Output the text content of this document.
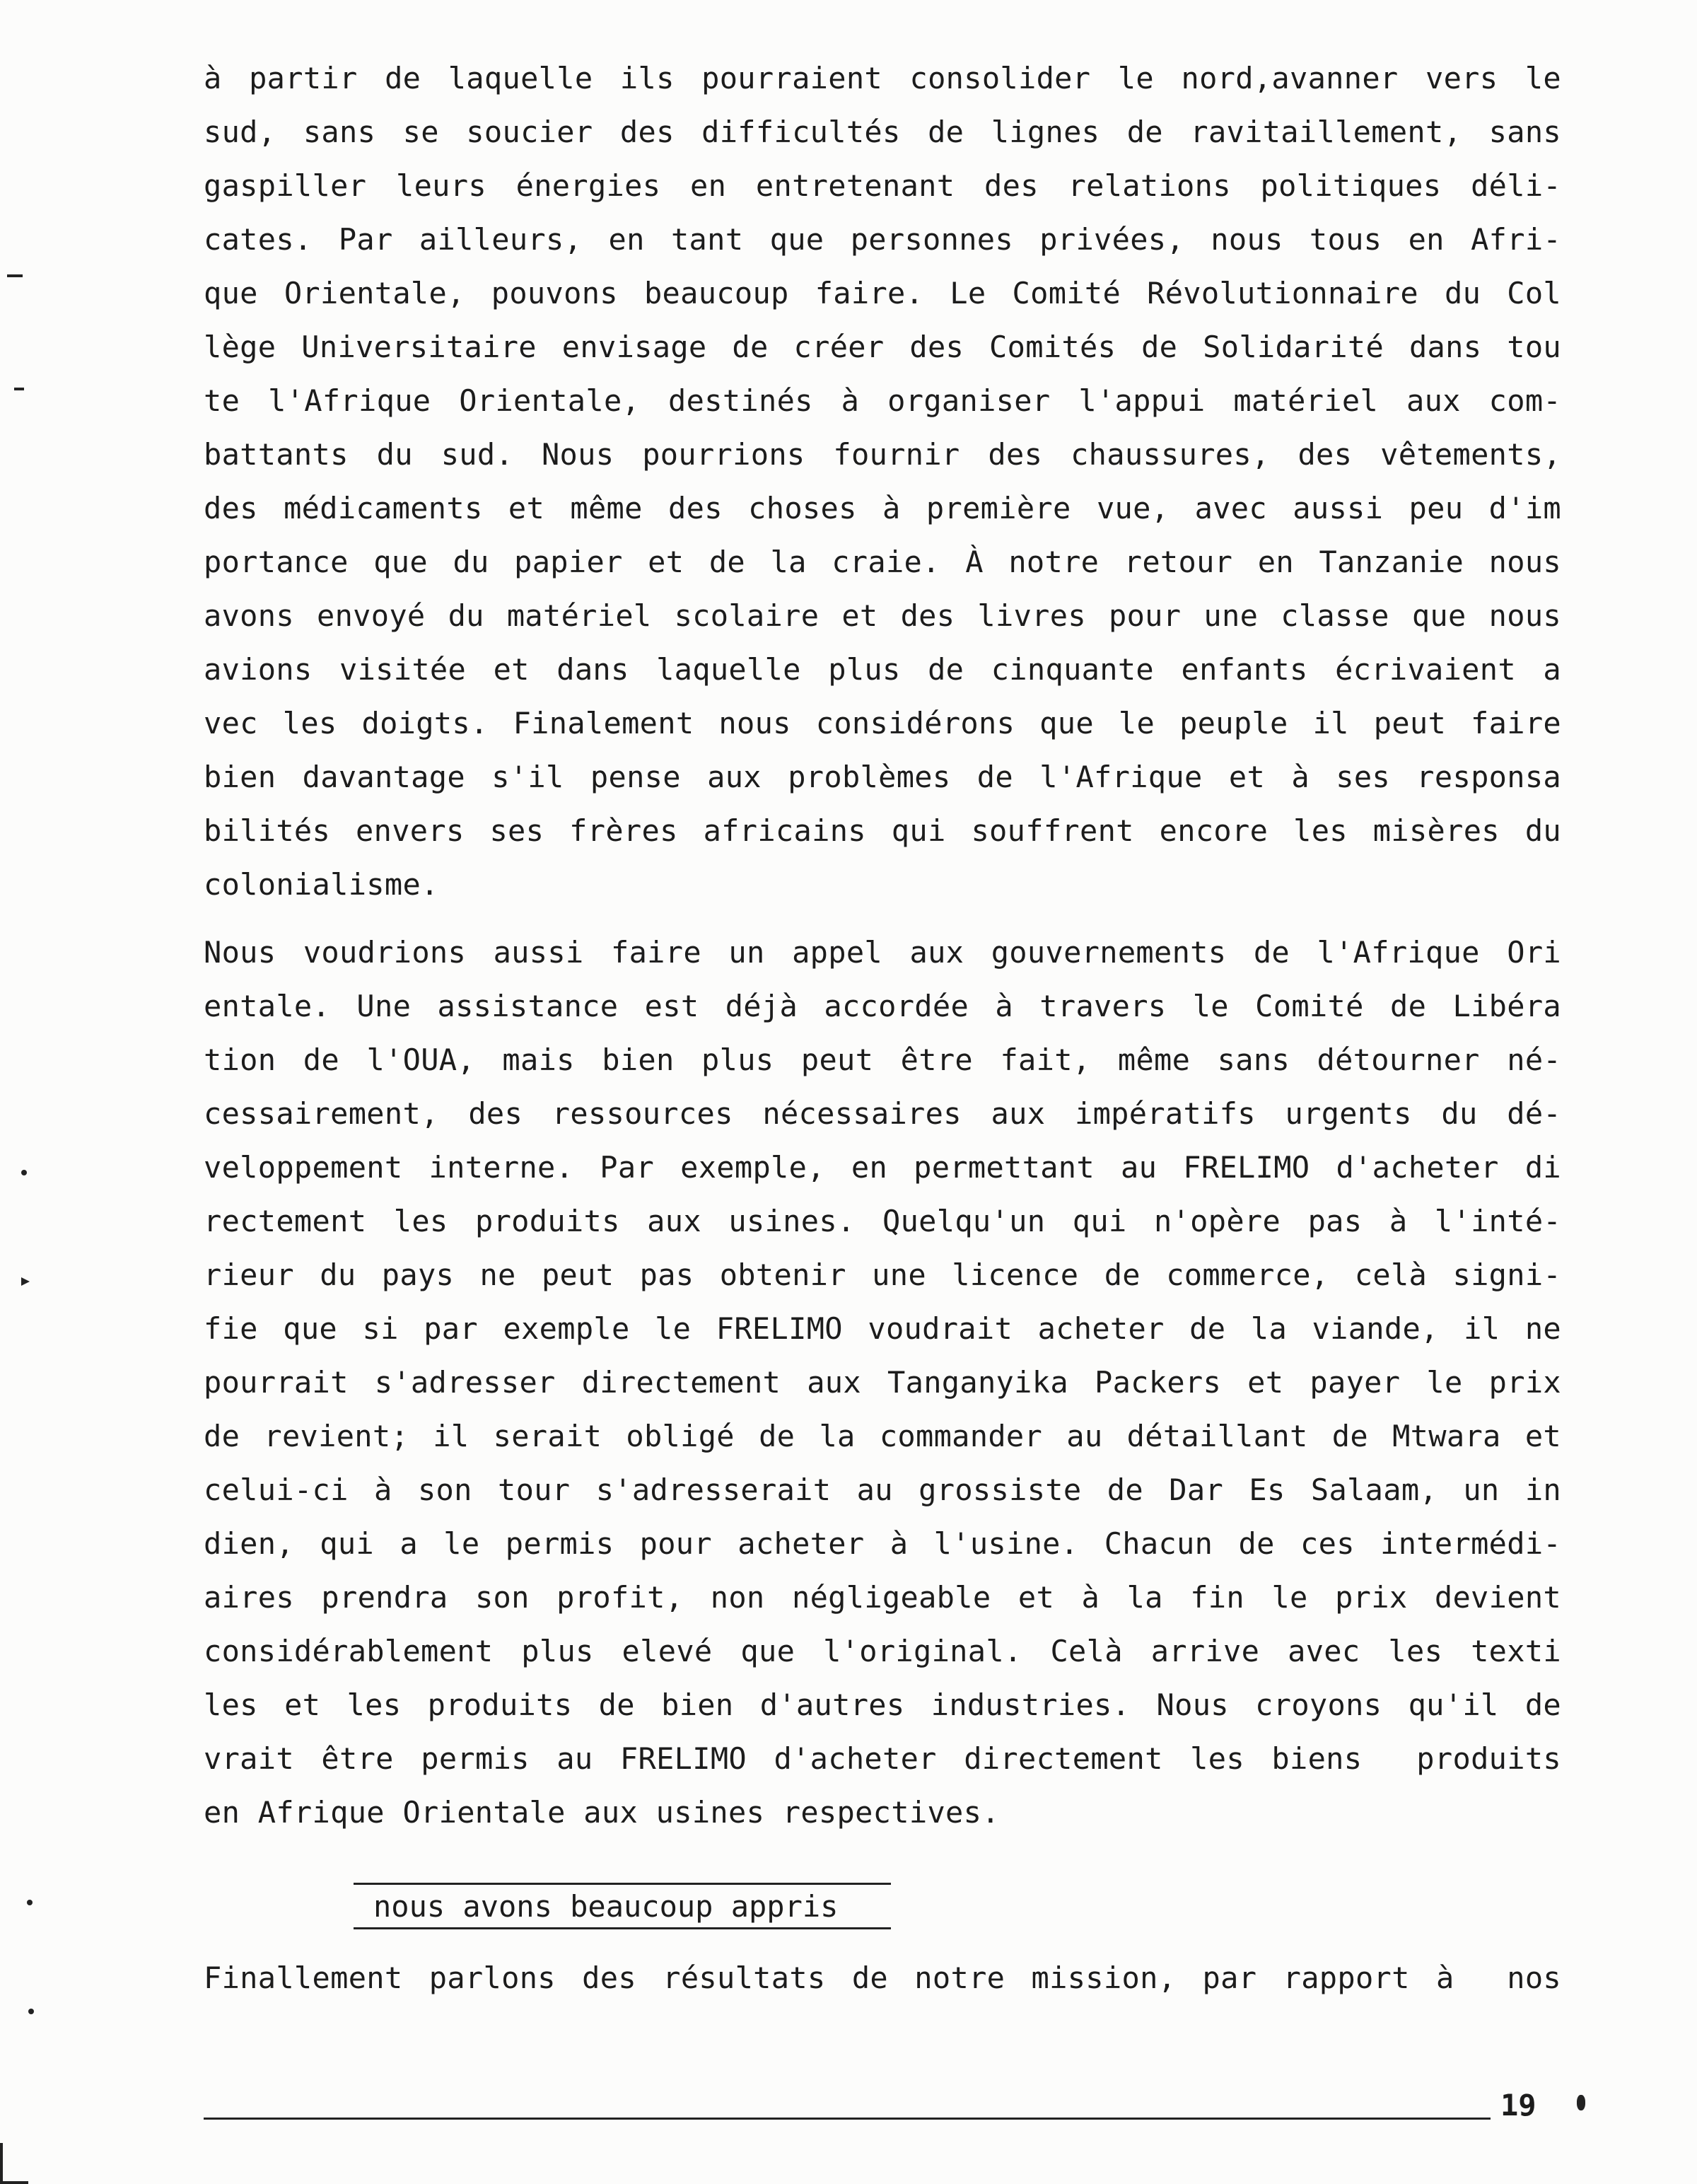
à partir de laquelle ils pourraient consolider le nord,avanner vers le
sud, sans se soucier des difficultés de lignes de ravitaillement, sans
gaspiller leurs énergies en entretenant des relations politiques déli-
cates. Par ailleurs, en tant que personnes privées, nous tous en Afri-
que Orientale, pouvons beaucoup faire. Le Comité Révolutionnaire du Col
lège Universitaire envisage de créer des Comités de Solidarité dans tou
te l'Afrique Orientale, destinés à organiser l'appui matériel aux com-
battants du sud. Nous pourrions fournir des chaussures, des vêtements,
des médicaments et même des choses à première vue, avec aussi peu d'im
portance que du papier et de la craie. À notre retour en Tanzanie nous
avons envoyé du matériel scolaire et des livres pour une classe que nous
avions visitée et dans laquelle plus de cinquante enfants écrivaient a
vec les doigts. Finalement nous considérons que le peuple il peut faire
bien davantage s'il pense aux problèmes de l'Afrique et à ses responsa
bilités envers ses frères africains qui souffrent encore les misères du
colonialisme.
Nous voudrions aussi faire un appel aux gouvernements de l'Afrique Ori
entale. Une assistance est déjà accordée à travers le Comité de Libéra
tion de l'OUA, mais bien plus peut être fait, même sans détourner né-
cessairement, des ressources nécessaires aux impératifs urgents du dé-
veloppement interne. Par exemple, en permettant au FRELIMO d'acheter di
rectement les produits aux usines. Quelqu'un qui n'opère pas à l'inté-
rieur du pays ne peut pas obtenir une licence de commerce, celà signi-
fie que si par exemple le FRELIMO voudrait acheter de la viande, il ne
pourrait s'adresser directement aux Tanganyika Packers et payer le prix
de revient; il serait obligé de la commander au détaillant de Mtwara et
celui-ci à son tour s'adresserait au grossiste de Dar Es Salaam, un in
dien, qui a le permis pour acheter à l'usine. Chacun de ces intermédi-
aires prendra son profit, non négligeable et à la fin le prix devient
considérablement plus elevé que l'original. Celà arrive avec les texti
les et les produits de bien d'autres industries. Nous croyons qu'il de
vrait être permis au FRELIMO d'acheter directement les biens  produits
en Afrique Orientale aux usines respectives.
nous avons beaucoup appris
Finallement parlons des résultats de notre mission, par rapport à  nos
19
